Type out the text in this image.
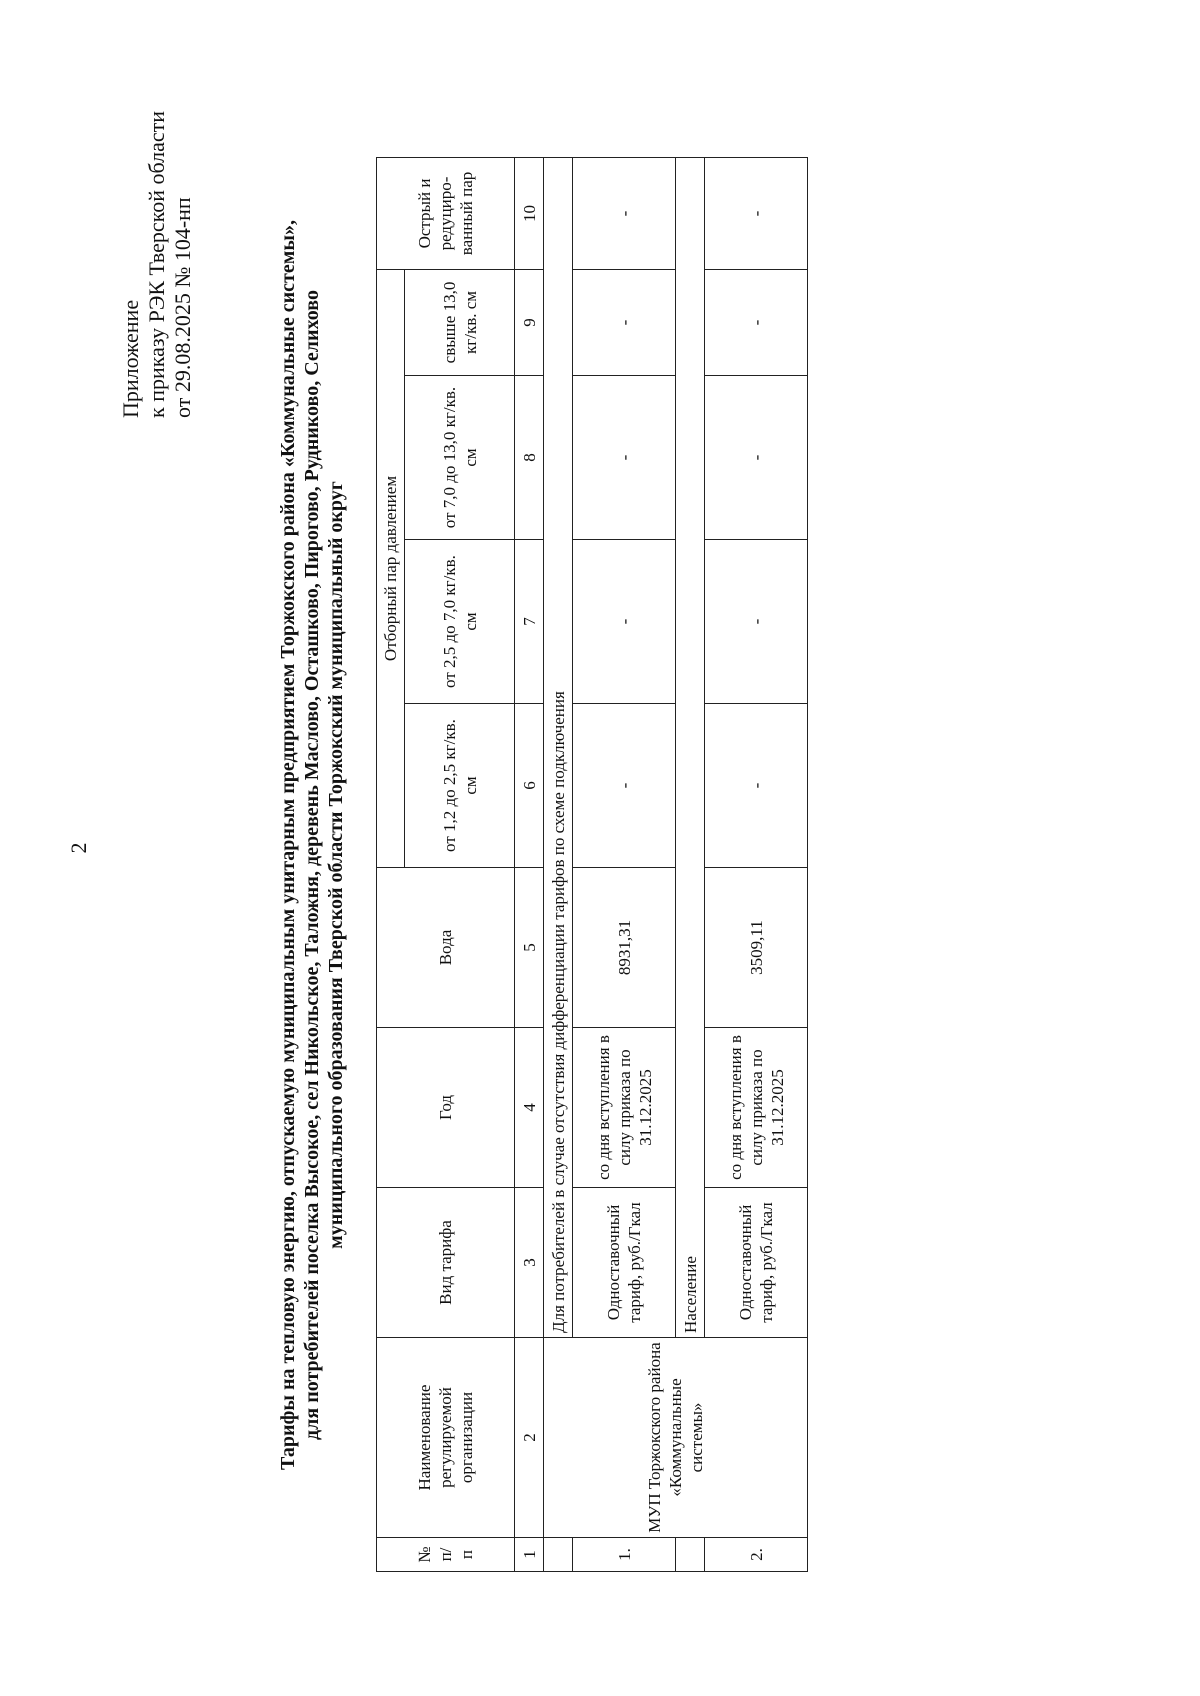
2
Приложение к приказу РЭК Тверской области от 29.08.2025 № 104-нп	Тарифы на тепловую энергию, отпускаемую муниципальным унитарным предприятием Торжокского района «Коммунальные системы», для потребителей поселка Высокое, сел Никольское, Таложня, деревень Маслово, Осташково, Пирогово, Рудниково, Селихово муниципального образования Тверской области Торжокский муниципальный округ
№ п/ п	Наименование регулируемой организации	Вид тарифа	Год	Вода	Отборный пар давлением				Острый и редуциро-ванный пар
					от 1,2 до 2,5 кг/кв. см	от 2,5 до 7,0 кг/кв. см	от 7,0 до 13,0 кг/кв. см	свыше 13,0 кг/кв. см	
1	2	3	4	5	6	7	8	9	10
	МУП Торжокского района «Коммунальные системы»	Для потребителей в случае отсутствия дифференциации тарифов по схеме подключения							
1.		Одноставочный тариф, руб./Гкал	со дня вступления в силу приказа по 31.12.2025	8931,31	-	-	-	-	-
		Население							
2.		Одноставочный тариф, руб./Гкал	со дня вступления в силу приказа по 31.12.2025	3509,11	-	-	-	-	-
